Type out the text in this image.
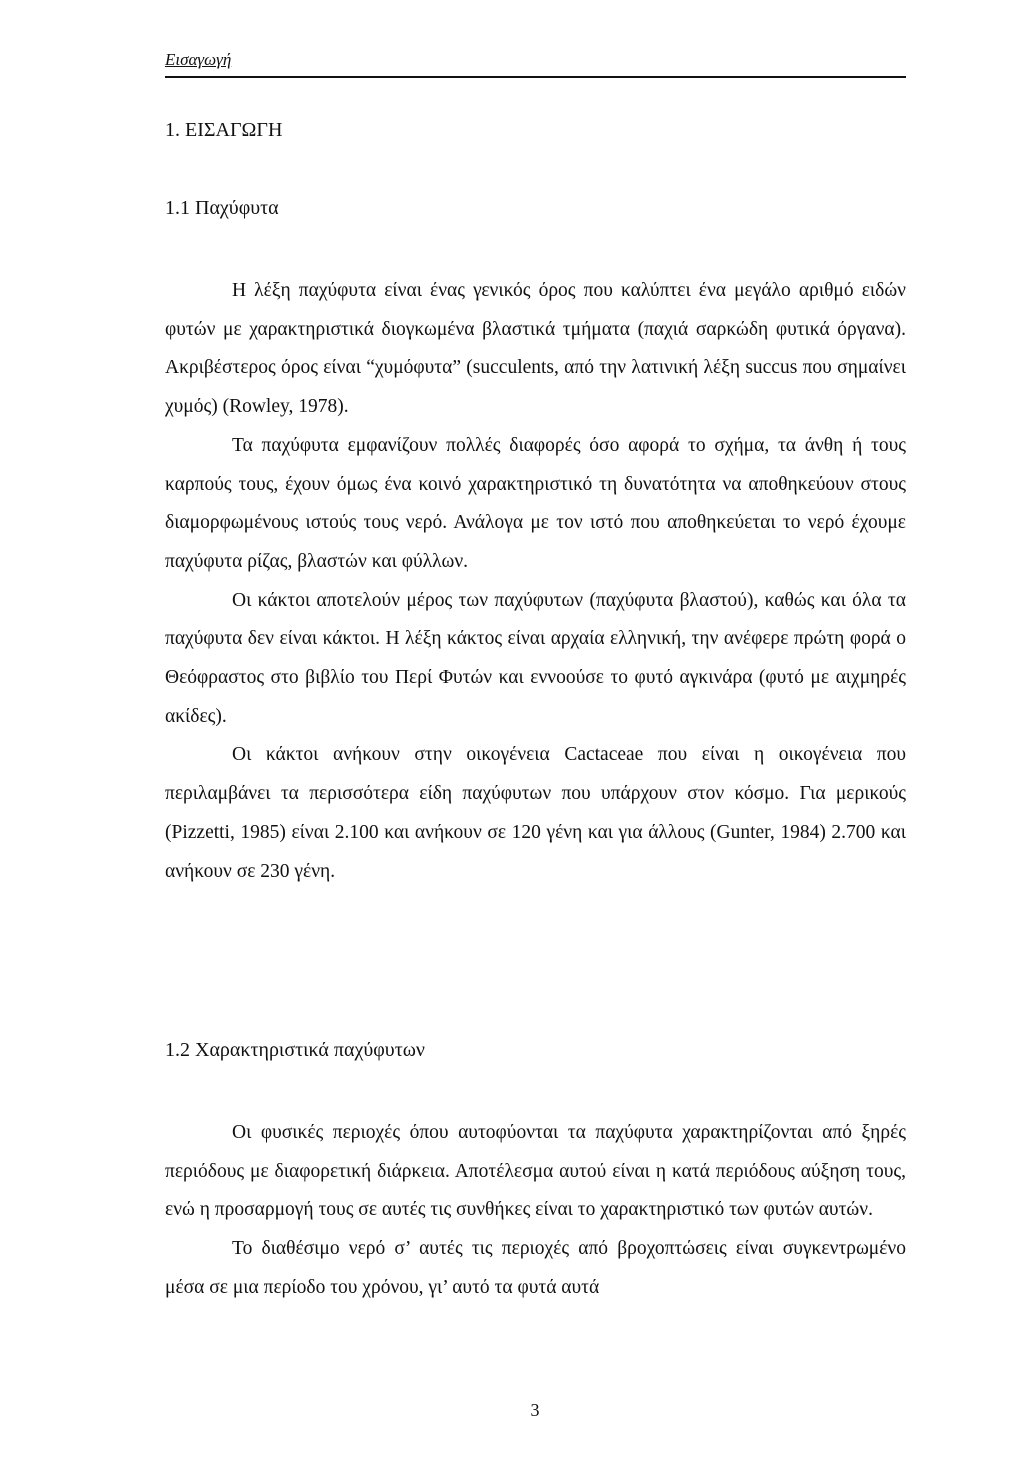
Εισαγωγή
1. ΕΙΣΑΓΩΓΗ
1.1 Παχύφυτα

Η λέξη παχύφυτα είναι ένας γενικός όρος που καλύπτει ένα μεγάλο αριθμό ειδών φυτών με χαρακτηριστικά διογκωμένα βλαστικά τμήματα (παχιά σαρκώδη φυτικά όργανα). Ακριβέστερος όρος είναι “χυμόφυτα” (succulents, από την λατινική λέξη succus που σημαίνει χυμός) (Rowley, 1978).

Τα παχύφυτα εμφανίζουν πολλές διαφορές όσο αφορά το σχήμα, τα άνθη ή τους καρπούς τους, έχουν όμως ένα κοινό χαρακτηριστικό τη δυνατότητα να αποθηκεύουν στους διαμορφωμένους ιστούς τους νερό. Ανάλογα με τον ιστό που αποθηκεύεται το νερό έχουμε παχύφυτα ρίζας, βλαστών και φύλλων.

Οι κάκτοι αποτελούν μέρος των παχύφυτων (παχύφυτα βλαστού), καθώς και όλα τα παχύφυτα δεν είναι κάκτοι. Η λέξη κάκτος είναι αρχαία ελληνική, την ανέφερε πρώτη φορά ο Θεόφραστος στο βιβλίο του Περί Φυτών και εννοούσε το φυτό αγκινάρα (φυτό με αιχμηρές ακίδες).

Οι κάκτοι ανήκουν στην οικογένεια Cactaceae που είναι η οικογένεια που περιλαμβάνει τα περισσότερα είδη παχύφυτων που υπάρχουν στον κόσμο. Για μερικούς (Pizzetti, 1985) είναι 2.100 και ανήκουν σε 120 γένη και για άλλους (Gunter, 1984) 2.700 και ανήκουν σε 230 γένη.

1.2 Χαρακτηριστικά παχύφυτων

Οι φυσικές περιοχές όπου αυτοφύονται τα παχύφυτα χαρακτηρίζονται από ξηρές περιόδους με διαφορετική διάρκεια. Αποτέλεσμα αυτού είναι η κατά περιόδους αύξηση τους, ενώ η προσαρμογή τους σε αυτές τις συνθήκες είναι το χαρακτηριστικό των φυτών αυτών.

Το διαθέσιμο νερό σ’ αυτές τις περιοχές από βροχοπτώσεις είναι συγκεντρωμένο μέσα σε μια περίοδο του χρόνου, γι’ αυτό τα φυτά αυτά

3
